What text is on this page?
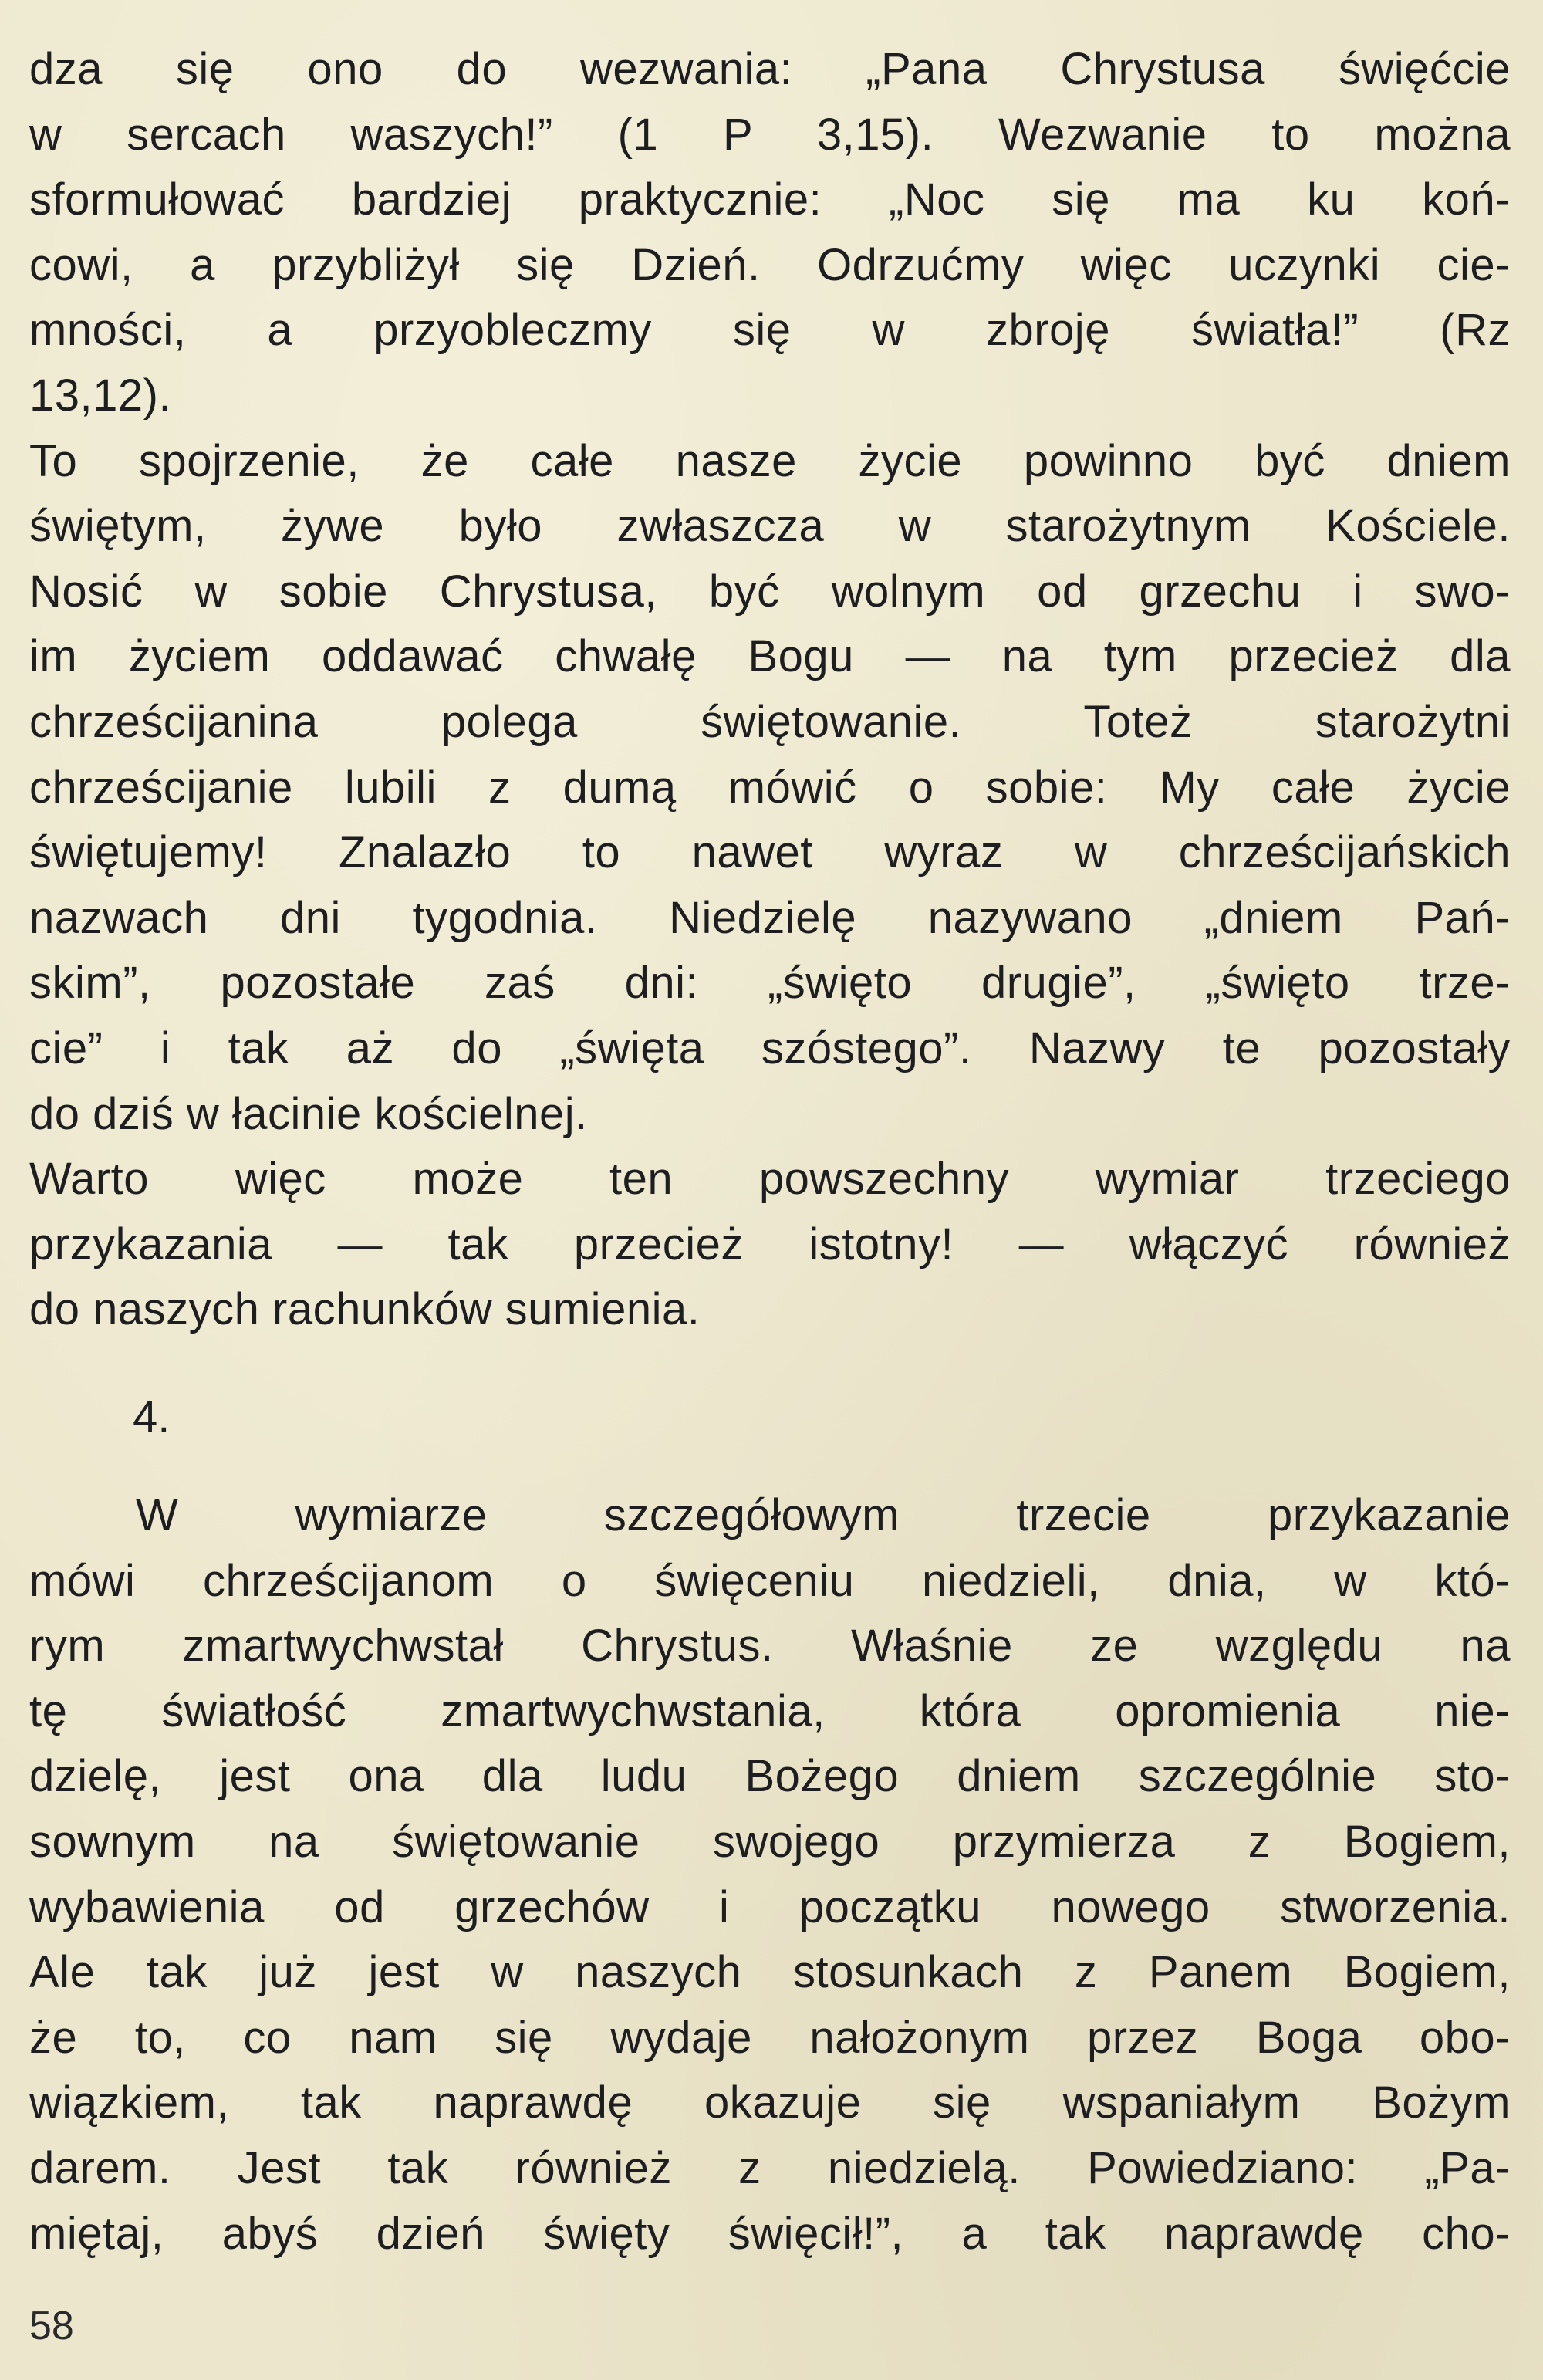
dza się ono do wezwania: „Pana Chrystusa święćcie
w sercach waszych!” (1 P 3,15). Wezwanie to można
sformułować bardziej praktycznie: „Noc się ma ku koń-
cowi, a przybliżył się Dzień. Odrzućmy więc uczynki cie-
mności, a przyobleczmy się w zbroję światła!” (Rz
13,12).
To spojrzenie, że całe nasze życie powinno być dniem
świętym, żywe było zwłaszcza w starożytnym Kościele.
Nosić w sobie Chrystusa, być wolnym od grzechu i swo-
im życiem oddawać chwałę Bogu — na tym przecież dla
chrześcijanina polega świętowanie. Toteż starożytni
chrześcijanie lubili z dumą mówić o sobie: My całe życie
świętujemy! Znalazło to nawet wyraz w chrześcijańskich
nazwach dni tygodnia. Niedzielę nazywano „dniem Pań-
skim”, pozostałe zaś dni: „święto drugie”, „święto trze-
cie” i tak aż do „święta szóstego”. Nazwy te pozostały
do dziś w łacinie kościelnej.
Warto więc może ten powszechny wymiar trzeciego
przykazania — tak przecież istotny! — włączyć również
do naszych rachunków sumienia.
4.
W wymiarze szczegółowym trzecie przykazanie
mówi chrześcijanom o święceniu niedzieli, dnia, w któ-
rym zmartwychwstał Chrystus. Właśnie ze względu na
tę światłość zmartwychwstania, która opromienia nie-
dzielę, jest ona dla ludu Bożego dniem szczególnie sto-
sownym na świętowanie swojego przymierza z Bogiem,
wybawienia od grzechów i początku nowego stworzenia.
Ale tak już jest w naszych stosunkach z Panem Bogiem,
że to, co nam się wydaje nałożonym przez Boga obo-
wiązkiem, tak naprawdę okazuje się wspaniałym Bożym
darem. Jest tak również z niedzielą. Powiedziano: „Pa-
miętaj, abyś dzień święty święcił!”, a tak naprawdę cho-
58
